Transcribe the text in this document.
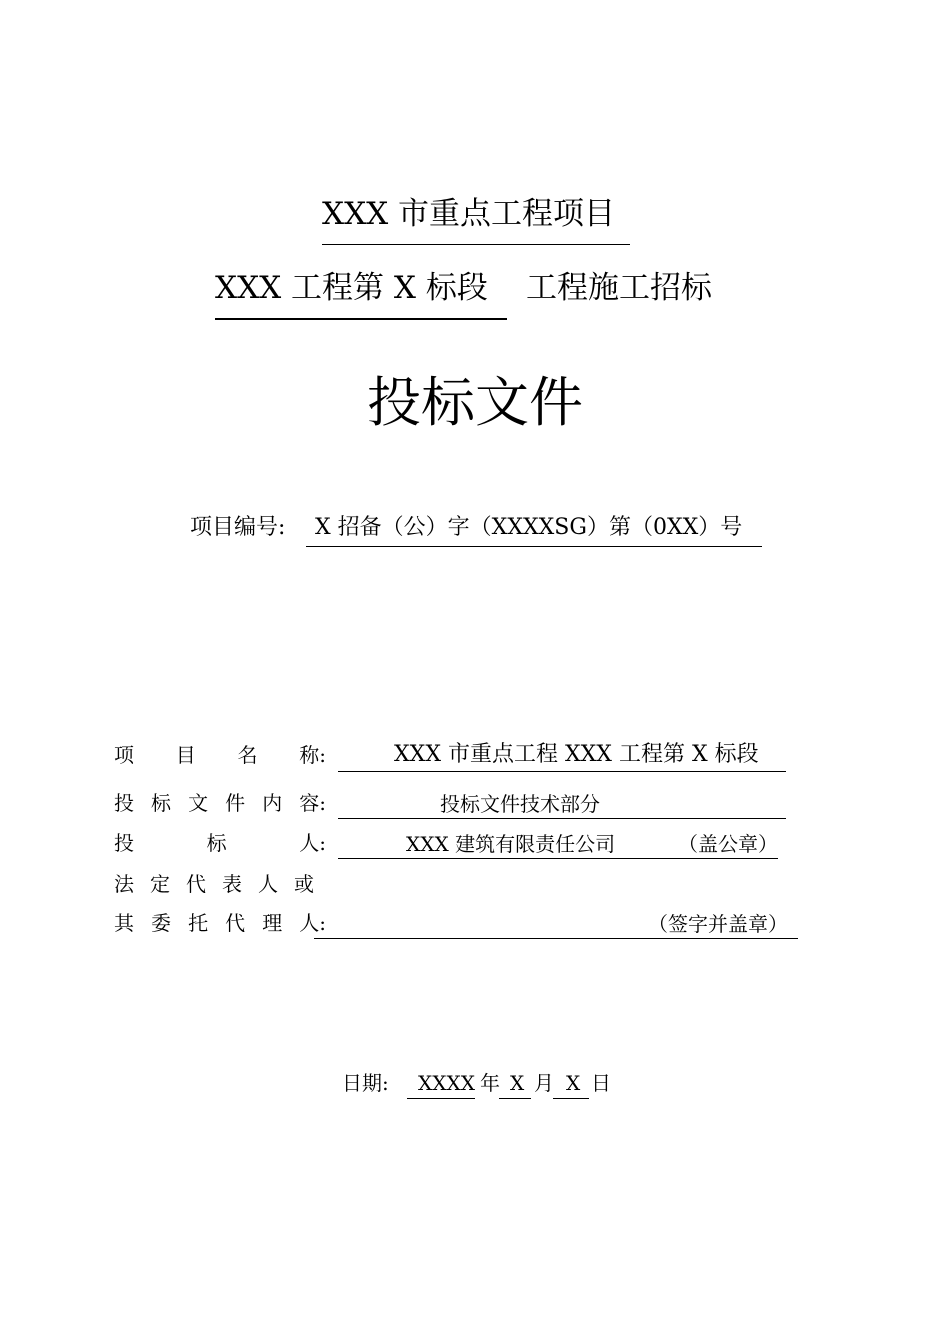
XXX 市重点工程项目
XXX 工程第 X 标段 工程施工招标
投标文件
项目编号: X 招备（公）字（XXXXSG）第（0XX）号
项 目 名 称:	XXX 市重点工程 XXX 工程第 X 标段
投 标 文 件 内 容:	投标文件技术部分
投	标	人:	XXX 建筑有限责任公司	（盖公章）
法 定 代 表 人 或
其 委 托 代 理 人:	（签字并盖章）
日期: XXXX 年 X 月 X 日
